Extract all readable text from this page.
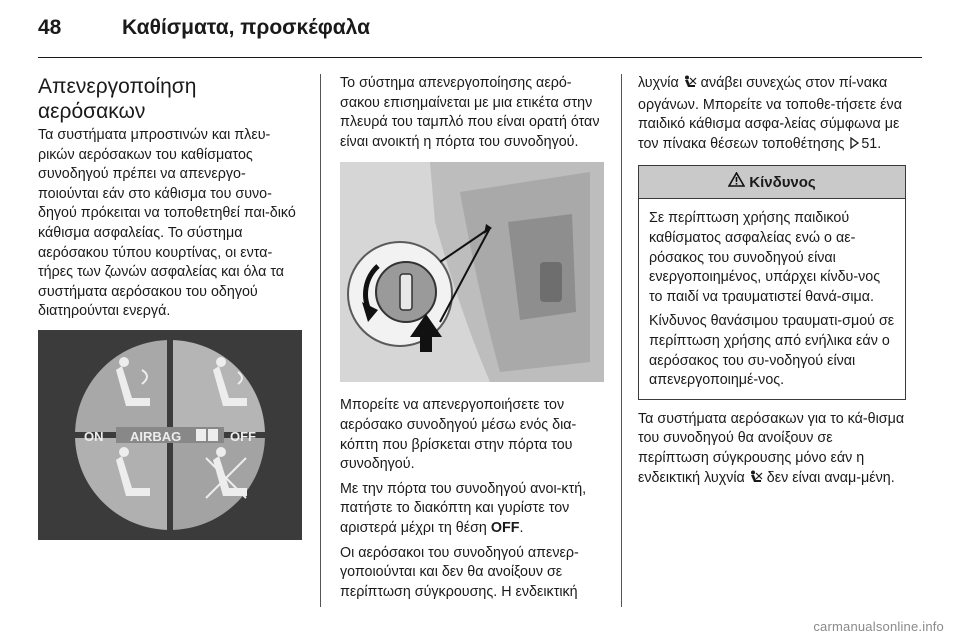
48	Καθίσματα, προσκέφαλα
Απενεργοποίηση
αερόσακων

Τα συστήματα μπροστινών και πλευ-ρικών αερόσακων του καθίσματος συνοδηγού πρέπει να απενεργο-ποιούνται εάν στο κάθισμα του συνο-δηγού πρόκειται να τοποθετηθεί παι-δικό κάθισμα ασφαλείας. Το σύστημα αερόσακου τύπου κουρτίνας, οι εντα-τήρες των ζωνών ασφαλείας και όλα τα συστήματα αερόσακου του οδηγού διατηρούνται ενεργά.

ON AIRBAG	OFF

Το σύστημα απενεργοποίησης αερό-σακου επισημαίνεται με μια ετικέτα στην πλευρά του ταμπλό που είναι ορατή όταν είναι ανοικτή η πόρτα του συνοδηγού.

Μπορείτε να απενεργοποιήσετε τον αερόσακο συνοδηγού μέσω ενός δια-κόπτη που βρίσκεται στην πόρτα του συνοδηγού.

Με την πόρτα του συνοδηγού ανοι-κτή, πατήστε το διακόπτη και γυρίστε τον αριστερά μέχρι τη θέση OFF.

Οι αερόσακοι του συνοδηγού απενερ-γοποιούνται και δεν θα ανοίξουν σε περίπτωση σύγκρουσης. Η ενδεικτική

λυχνία  ανάβει συνεχώς στον πί-νακα οργάνων. Μπορείτε να τοποθε-τήσετε ένα παιδικό κάθισμα ασφα-λείας σύμφωνα με τον πίνακα θέσεων τοποθέτησης 51.

Κίνδυνος

Σε περίπτωση χρήσης παιδικού καθίσματος ασφαλείας ενώ ο αε-ρόσακος του συνοδηγού είναι ενεργοποιημένος, υπάρχει κίνδυ-νος το παιδί να τραυματιστεί θανά-σιμα.

Κίνδυνος θανάσιμου τραυματι-σμού σε περίπτωση χρήσης από ενήλικα εάν ο αερόσακος του συ-νοδηγού είναι απενεργοποιημέ-νος.

Τα συστήματα αερόσακων για το κά-θισμα του συνοδηγού θα ανοίξουν σε περίπτωση σύγκρουσης μόνο εάν η ενδεικτική λυχνία  δεν είναι αναμ-μένη.

carmanualsonline.info
